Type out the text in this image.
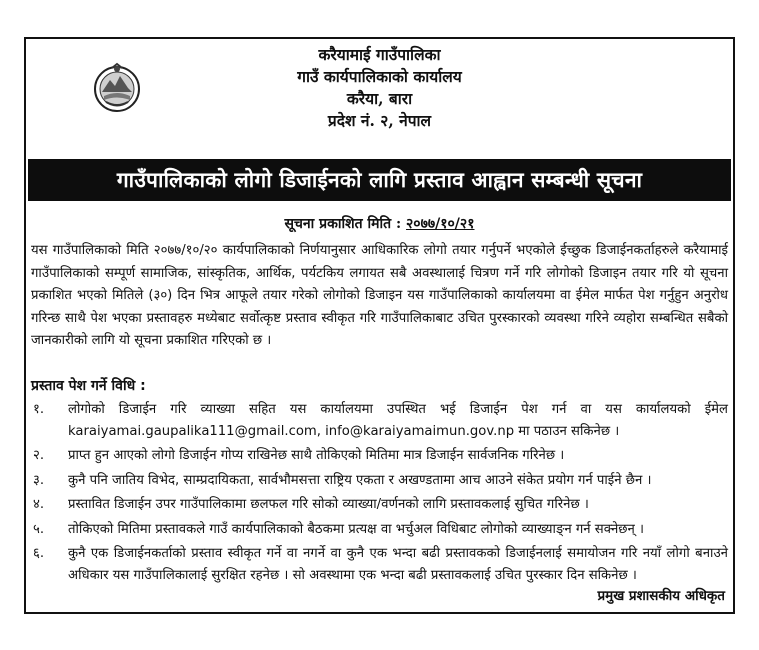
करैयामाई गाउँपालिका
गाउँ कार्यपालिकाको कार्यालय
करैया, बारा
प्रदेश नं. २, नेपाल
गाउँपालिकाको लोगो डिजाईनको लागि प्रस्ताव आह्वान सम्बन्धी सूचना
सूचना प्रकाशित मिति : २०७७/१०/२१
यस गाउँपालिकाको मिति २०७७/१०/२० कार्यपालिकाको निर्णयानुसार आधिकारिक लोगो तयार गर्नुपर्ने भएकोले ईच्छुक डिजाईनकर्ताहरुले करैयामाई गाउँपालिकाको सम्पूर्ण सामाजिक, सांस्कृतिक, आर्थिक, पर्यटकिय लगायत सबै अवस्थालाई चित्रण गर्ने गरि लोगोको डिजाइन तयार गरि यो सूचना प्रकाशित भएको मितिले (३०) दिन भित्र आफूले तयार गरेको लोगोको डिजाइन यस गाउँपालिकाको कार्यालयमा वा ईमेल मार्फत पेश गर्नुहुन अनुरोध गरिन्छ साथै पेश भएका प्रस्तावहरु मध्येबाट सर्वोत्कृष्ट प्रस्ताव स्वीकृत गरि गाउँपालिकाबाट उचित पुरस्कारको व्यवस्था गरिने व्यहोरा सम्बन्धित सबैको जानकारीको लागि यो सूचना प्रकाशित गरिएको छ ।
प्रस्ताव पेश गर्ने विधि :
१.	लोगोको डिजाईन गरि व्याख्या सहित यस कार्यालयमा उपस्थित भई डिजाईन पेश गर्न वा यस कार्यालयको ईमेल karaiyamai.gaupalika111@gmail.com, info@karaiyamaimun.gov.np मा पठाउन सकिनेछ ।
२.	प्राप्त हुन आएको लोगो डिजाईन गोप्य राखिनेछ साथै तोकिएको मितिमा मात्र डिजाईन सार्वजनिक गरिनेछ ।
३.	कुनै पनि जातिय विभेद, साम्प्रदायिकता, सार्वभौमसत्ता राष्ट्रिय एकता र अखण्डतामा आच आउने संकेत प्रयोग गर्न पाईने छैन ।
४.	प्रस्तावित डिजाईन उपर गाउँपालिकामा छलफल गरि सोको व्याख्या/वर्णनको लागि प्रस्तावकलाई सुचित गरिनेछ ।
५.	तोकिएको मितिमा प्रस्तावकले गाउँ कार्यपालिकाको बैठकमा प्रत्यक्ष वा भर्चुअल विधिबाट लोगोको व्याख्याङ्न गर्न सक्नेछन् ।
६.	कुनै एक डिजाईनकर्ताको प्रस्ताव स्वीकृत गर्ने वा नगर्ने वा कुनै एक भन्दा बढी प्रस्तावकको डिजाईनलाई समायोजन गरि नयाँ लोगो बनाउने अधिकार यस गाउँपालिकालाई सुरक्षित रहनेछ । सो अवस्थामा एक भन्दा बढी प्रस्तावकलाई उचित पुरस्कार दिन सकिनेछ ।
प्रमुख प्रशासकीय अधिकृत
